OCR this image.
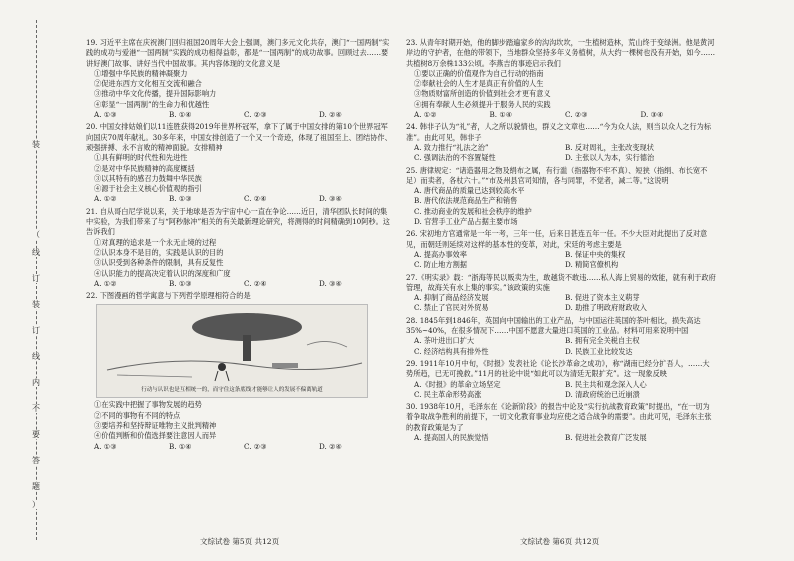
装
线
订
装
订
线
内
不
要
答
题
（
）
19. 习近平主席在庆祝澳门回归祖国20周年大会上强调，澳门多元文化共存，澳门“一国两制”实践的成功与爱港“一国两制”实践的成功相得益彰，都是“一国两制”的成功故事。回顾过去……要讲好澳门故事、讲好当代中国故事。其内容体现的文化意义是
①增强中华民族的精神凝聚力
②促进东西方文化相互交流和融合
③推动中华文化传播，提升国际影响力
④彰显“一国两制”的生命力和优越性
A. ①③	B. ①④	C. ②③	D. ②④
20. 中国女排姑娘们以11连胜获得2019年世界杯冠军，拿下了属于中国女排的第10个世界冠军向国庆70周年献礼。30多年来，中国女排创造了一个又一个奇迹，体现了祖国至上、团结协作、顽强拼搏、永不言败的精神面貌。女排精神
①具有鲜明的时代性和先进性
②是对中华民族精神的高度概括
③以其特有的感召力鼓舞中华民族
④源于社会主义核心价值观的指引
A. ①②	B. ①③	C. ②④	D. ③④
21. 自从哥白尼学说以来，关于地球是否为宇宙中心一直在争论……近日，清华团队长时间的集中实验，为我们带来了与“阿秒脉冲”相关的有关最新理论研究，将测得的时间精确到10阿秒。这告诉我们
①对真理的追求是一个永无止境的过程
②认识本身不是目的，实践是认识的目的
③认识受到各种条件的限制，具有反复性
④认识能力的提高决定着认识的深度和广度
A. ①②	B. ①③	C. ②④	D. ③④
22. 下图漫画的哲学寓意与下列哲学原理相符合的是
行动与认识也是互相统一的，而守住这条底线才能够让人的发展不偏离轨道
①在实践中把握了事物发展的趋势
②不同的事物有不同的特点
③要培养和坚持辩证唯物主义批判精神
④价值判断和价值选择要注意因人而异
A. ①③	B. ①④	C. ②③	D. ②④
23. 从青年时期开始，他的脚步踏遍家乡的沟沟坎坎，一生植树造林，荒山终于变绿洲。他是黄河岸边的守护者，在他的带领下，当地群众坚持多年义务植树，从大约一棵树也没有开始，如今……共植树8万余株133公顷。李燕吉的事迹启示我们
①要以正确的价值观作为自己行动的指南
②奉献社会的人生才是真正有价值的人生
③物质财富所创造的价值到社会才更有意义
④拥有奉献人生必须提升于服务人民的实践
A. ①②	B. ①④	C. ②③	D. ③④
24. 韩非子认为“礼”者，人之所以貌情也，群义之文章也……“今为众人法，则当以众人之行为标准”。由此可见，韩非子
A. 致力推行“礼法之治”	B. 反对周礼，主张改变现状
C. 强调法治的不容置疑性	D. 主张以人为本，实行德治
25. 唐律规定：“诸造器用之物及绢布之属，有行滥（指器物不牢不真）、短狭（指绢、布长宽不足）而卖者，各杖六十。”“市及州县官司知情，各与同罪，不觉者，减二等。”这说明
A. 唐代商品的质量已达到较高水平
B. 唐代依法规范商品生产和销售
C. 推动商业的发展和社会秩序的维护
D. 官营手工业产品占据主要市场
26. 宋初地方官通常是一年一考，三年一任，后来日甚连五年一任。不少大臣对此提出了反对意见，而朝廷则延续对这样的基本性的变革，对此，宋廷的考虑主要是
A. 提高办事效率	B. 保证中央的集权
C. 防止地方割据	D. 精简官僚机构
27.《明实录》载：“浙海等民以贩卖为生，敢越货不敢违……私人海上贸易的效能，就有利于政府管理，故海关有水上集的事实。”该政策的实施
A. 抑制了商品经济发展	B. 促进了资本主义萌芽
C. 禁止了官民对外贸易	D. 助推了明政府财政收入
28. 1845年到1846年，英国向中国输出的工业产品，与中国运往英国的茶叶相比，损失高达35%~40%，在很多情况下……中国不愿意大量进口英国的工业品。材料可用来说明中国
A. 茶叶进出口扩大	B. 拥有完全关税自主权
C. 经济结构具有排外性	D. 民族工业比较发达
29. 1911年10月中旬，《时报》发表社论《论长沙革命之成功》，称“湖南已经分扩吾人，……大势所趋，已无可挽救。”11月的社论中说“如此可以为清廷无限扩充”。这一现象反映
A.《时报》的革命立场坚定	B. 民主共和观念深入人心
C. 民主革命形势高涨	D. 清政府统治已近崩溃
30. 1938年10月，毛泽东在《论新阶段》的报告中论及“实行抗战教育政策”时提出，“在一切为着争取战争胜利的前提下，一切文化教育事业均应使之适合战争的需要”。由此可见，毛泽东主张的教育政策是为了
A. 提高国人的民族觉悟	B. 促进社会教育广泛发展
文综试卷 第5页 共12页	文综试卷 第6页 共12页
